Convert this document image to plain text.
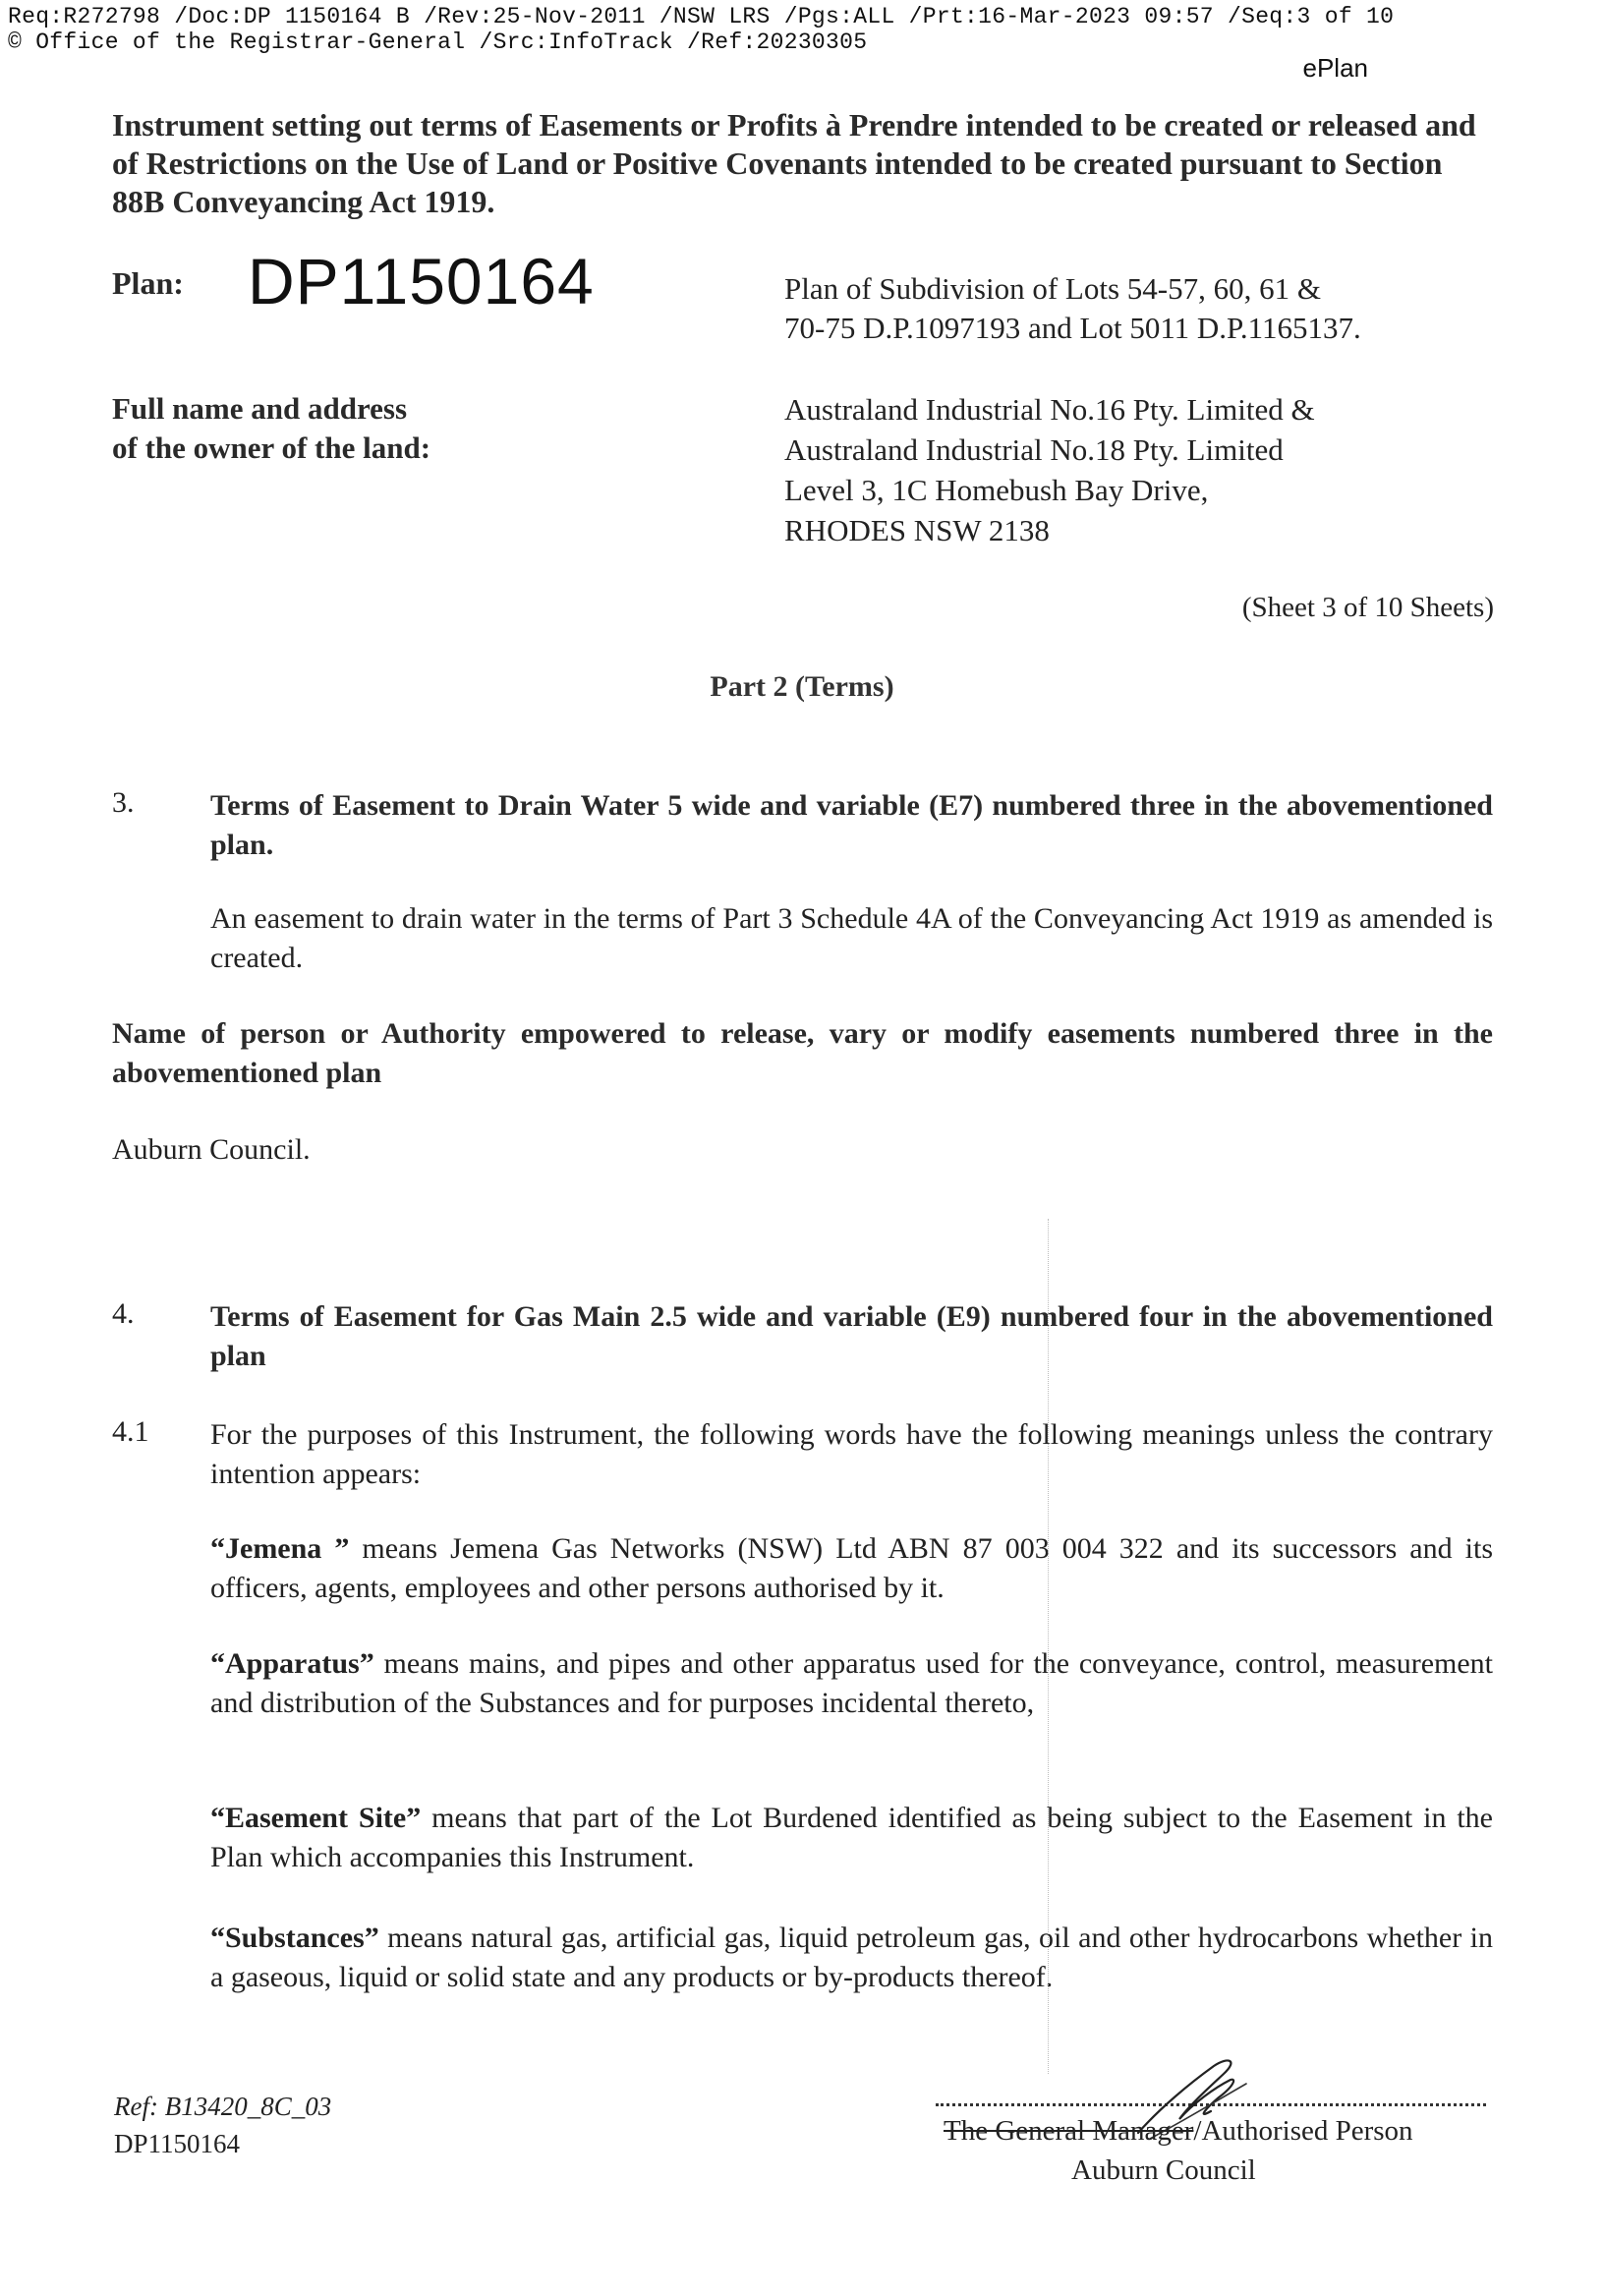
Req:R272798 /Doc:DP 1150164 B /Rev:25-Nov-2011 /NSW LRS /Pgs:ALL /Prt:16-Mar-2023 09:57 /Seq:3 of 10
© Office of the Registrar-General /Src:InfoTrack /Ref:20230305
ePlan
Instrument setting out terms of Easements or Profits à Prendre intended to be created or released and of Restrictions on the Use of Land or Positive Covenants intended to be created pursuant to Section 88B Conveyancing Act 1919.
Plan: DP1150164	Plan of Subdivision of Lots 54-57, 60, 61 &
70-75 D.P.1097193 and Lot 5011 D.P.1165137.
Full name and address
of the owner of the land:
Australand Industrial No.16 Pty. Limited &
Australand Industrial No.18 Pty. Limited
Level 3, 1C Homebush Bay Drive,
RHODES NSW 2138
(Sheet 3 of 10 Sheets)
Part 2 (Terms)
3.	Terms of Easement to Drain Water 5 wide and variable (E7) numbered three in the abovementioned plan.
An easement to drain water in the terms of Part 3 Schedule 4A of the Conveyancing Act 1919 as amended is created.
Name of person or Authority empowered to release, vary or modify easements numbered three in the abovementioned plan
Auburn Council.
4.	Terms of Easement for Gas Main 2.5 wide and variable (E9) numbered four in the abovementioned plan
4.1 For the purposes of this Instrument, the following words have the following meanings unless the contrary intention appears:
“Jemena ” means Jemena Gas Networks (NSW) Ltd ABN 87 003 004 322 and its successors and its officers, agents, employees and other persons authorised by it.
“Apparatus” means mains, and pipes and other apparatus used for the conveyance, control, measurement and distribution of the Substances and for purposes incidental thereto,
“Easement Site” means that part of the Lot Burdened identified as being subject to the Easement in the Plan which accompanies this Instrument.
“Substances” means natural gas, artificial gas, liquid petroleum gas, oil and other hydrocarbons whether in a gaseous, liquid or solid state and any products or by-products thereof.
Ref: B13420_8C_03
DP1150164	The General Manager/Authorised Person
Auburn Council
